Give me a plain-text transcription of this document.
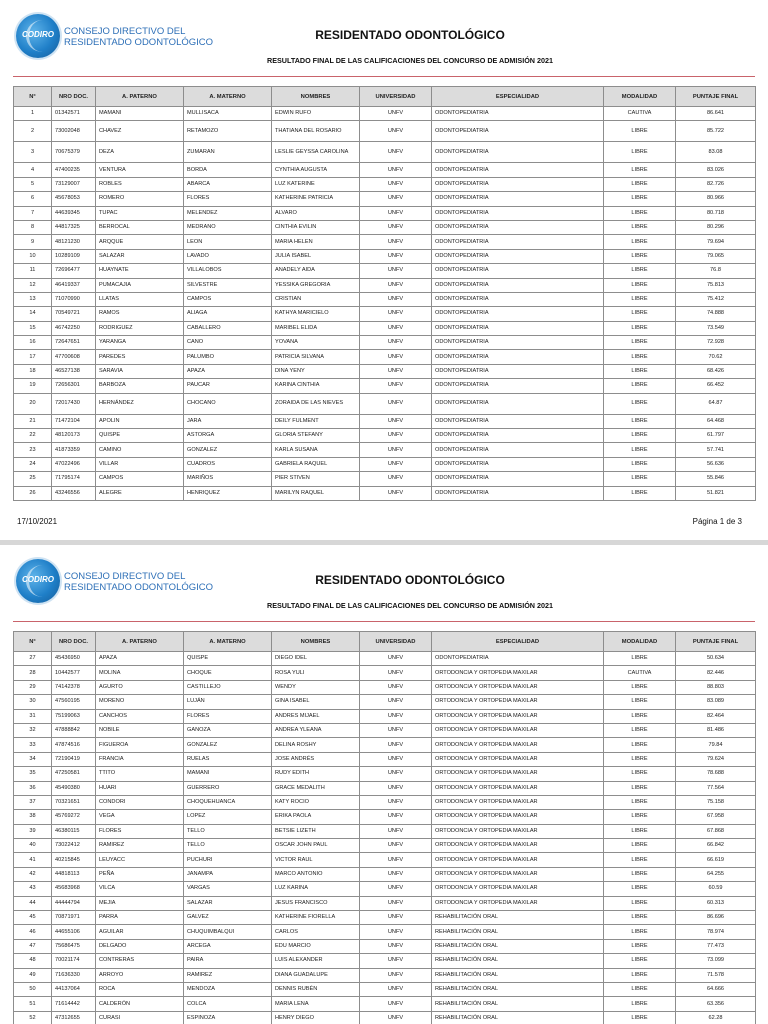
CODIRO CONSEJO DIRECTIVO DEL
RESIDENTADO ODONTOLÓGICO
RESIDENTADO ODONTOLÓGICO
RESULTADO FINAL DE LAS CALIFICACIONES DEL CONCURSO DE ADMISIÓN 2021
N°	NRO DOC.	A. PATERNO	A. MATERNO	NOMBRES	UNIVERSIDAD	ESPECIALIDAD	MODALIDAD	PUNTAJE FINAL
1	01342571	MAMANI	MULLISACA	EDWIN RUFO	UNFV	ODONTOPEDIATRIA	CAUTIVA	86.641
2	73002048	CHAVEZ	RETAMOZO	THATIANA DEL ROSARIO	UNFV	ODONTOPEDIATRIA	LIBRE	85.722
3	70675379	DEZA	ZUMARAN	LESLIE GEYSSA CAROLINA	UNFV	ODONTOPEDIATRIA	LIBRE	83.08
4	47400235	VENTURA	BORDA	CYNTHIA AUGUSTA	UNFV	ODONTOPEDIATRIA	LIBRE	83.026
5	73129007	ROBLES	ABARCA	LUZ KATERINE	UNFV	ODONTOPEDIATRIA	LIBRE	82.726
6	45678053	ROMERO	FLORES	KATHERINE PATRICIA	UNFV	ODONTOPEDIATRIA	LIBRE	80.966
7	44639345	TUPAC	MELENDEZ	ALVARO	UNFV	ODONTOPEDIATRIA	LIBRE	80.718
8	44817325	BERROCAL	MEDRANO	CINTHIA EVILIN	UNFV	ODONTOPEDIATRIA	LIBRE	80.296
9	48121230	ARQQUE	LEON	MARIA HELEN	UNFV	ODONTOPEDIATRIA	LIBRE	79.694
10	10289109	SALAZAR	LAVADO	JULIA ISABEL	UNFV	ODONTOPEDIATRIA	LIBRE	79.065
11	72696477	HUAYNATE	VILLALOBOS	ANADELY AIDA	UNFV	ODONTOPEDIATRIA	LIBRE	76.8
12	46419337	PUMACAJIA	SILVESTRE	YESSIKA GREGORIA	UNFV	ODONTOPEDIATRIA	LIBRE	75.813
13	71070990	LLATAS	CAMPOS	CRISTIAN	UNFV	ODONTOPEDIATRIA	LIBRE	75.412
14	70549721	RAMOS	ALIAGA	KATHYA MARICIELO	UNFV	ODONTOPEDIATRIA	LIBRE	74.888
15	46742250	RODRIGUEZ	CABALLERO	MARIBEL ELIDA	UNFV	ODONTOPEDIATRIA	LIBRE	73.549
16	72647651	YARANGA	CANO	YOVANA	UNFV	ODONTOPEDIATRIA	LIBRE	72.928
17	47700608	PAREDES	PALUMBO	PATRICIA SILVANA	UNFV	ODONTOPEDIATRIA	LIBRE	70.62
18	46527138	SARAVIA	APAZA	DINA YENY	UNFV	ODONTOPEDIATRIA	LIBRE	68.426
19	72656301	BARBOZA	PAUCAR	KARINA CINTHIA	UNFV	ODONTOPEDIATRIA	LIBRE	66.452
20	72017430	HERNÁNDEZ	CHOCANO	ZORAIDA DE LAS NIEVES	UNFV	ODONTOPEDIATRIA	LIBRE	64.87
21	71472104	APOLIN	JARA	DEILY FULMENT	UNFV	ODONTOPEDIATRIA	LIBRE	64.468
22	48120173	QUISPE	ASTORGA	GLORIA STEFANY	UNFV	ODONTOPEDIATRIA	LIBRE	61.797
23	41873359	CAMINO	GONZALEZ	KARLA SUSANA	UNFV	ODONTOPEDIATRIA	LIBRE	57.741
24	47022496	VILLAR	CUADROS	GABRIELA RAQUEL	UNFV	ODONTOPEDIATRIA	LIBRE	56.636
25	71795174	CAMPOS	MARIÑOS	PIER STIVEN	UNFV	ODONTOPEDIATRIA	LIBRE	55.846
26	43246556	ALEGRE	HENRIQUEZ	MARILYN RAQUEL	UNFV	ODONTOPEDIATRIA	LIBRE	51.821
17/10/2021	Página 1 de 3
CODIRO CONSEJO DIRECTIVO DEL
RESIDENTADO ODONTOLÓGICO
RESIDENTADO ODONTOLÓGICO
RESULTADO FINAL DE LAS CALIFICACIONES DEL CONCURSO DE ADMISIÓN 2021
N°	NRO DOC.	A. PATERNO	A. MATERNO	NOMBRES	UNIVERSIDAD	ESPECIALIDAD	MODALIDAD	PUNTAJE FINAL
27	45436950	APAZA	QUISPE	DIEGO IDEL	UNFV	ODONTOPEDIATRIA	LIBRE	50.634
28	10442577	MOLINA	CHOQUE	ROSA YULI	UNFV	ORTODONCIA Y ORTOPEDIA MAXILAR	CAUTIVA	82.446
29	74142378	AGURTO	CASTILLEJO	WENDY	UNFV	ORTODONCIA Y ORTOPEDIA MAXILAR	LIBRE	88.803
30	47560195	MORENO	LUJÁN	GINA ISABEL	UNFV	ORTODONCIA Y ORTOPEDIA MAXILAR	LIBRE	83.089
31	75199063	CANCHOS	FLORES	ANDRES MIJAEL	UNFV	ORTODONCIA Y ORTOPEDIA MAXILAR	LIBRE	82.464
32	47888842	NOBILE	GANOZA	ANDREA YLEANA	UNFV	ORTODONCIA Y ORTOPEDIA MAXILAR	LIBRE	81.486
33	47874516	FIGUEROA	GONZALEZ	DELINA ROSHY	UNFV	ORTODONCIA Y ORTOPEDIA MAXILAR	LIBRE	79.84
34	72190419	FRANCIA	RUELAS	JOSE ANDRÉS	UNFV	ORTODONCIA Y ORTOPEDIA MAXILAR	LIBRE	79.624
35	47250581	TTITO	MAMANI	RUDY EDITH	UNFV	ORTODONCIA Y ORTOPEDIA MAXILAR	LIBRE	78.688
36	45490380	HUARI	GUERRERO	GRACE MEDALITH	UNFV	ORTODONCIA Y ORTOPEDIA MAXILAR	LIBRE	77.564
37	70321651	CONDORI	CHOQUEHUANCA	KATY ROCIO	UNFV	ORTODONCIA Y ORTOPEDIA MAXILAR	LIBRE	75.158
38	45769272	VEGA	LOPEZ	ERIKA PAOLA	UNFV	ORTODONCIA Y ORTOPEDIA MAXILAR	LIBRE	67.958
39	46380115	FLORES	TELLO	BETSIE LIZETH	UNFV	ORTODONCIA Y ORTOPEDIA MAXILAR	LIBRE	67.868
40	73022412	RAMIREZ	TELLO	OSCAR JOHN PAUL	UNFV	ORTODONCIA Y ORTOPEDIA MAXILAR	LIBRE	66.842
41	40215845	LEUYACC	PUCHURI	VICTOR RAUL	UNFV	ORTODONCIA Y ORTOPEDIA MAXILAR	LIBRE	66.619
42	44818113	PEÑA	JANAMPA	MARCO ANTONIO	UNFV	ORTODONCIA Y ORTOPEDIA MAXILAR	LIBRE	64.255
43	45683968	VILCA	VARGAS	LUZ KARINA	UNFV	ORTODONCIA Y ORTOPEDIA MAXILAR	LIBRE	60.59
44	44444794	MEJIA	SALAZAR	JESUS FRANCISCO	UNFV	ORTODONCIA Y ORTOPEDIA MAXILAR	LIBRE	60.313
45	70871971	PARRA	GALVEZ	KATHERINE FIORELLA	UNFV	REHABILITACIÓN ORAL	LIBRE	86.696
46	44655106	AGUILAR	CHUQUIMBALQUI	CARLOS	UNFV	REHABILITACIÓN ORAL	LIBRE	78.974
47	75686475	DELGADO	ARCEGA	EDU MARCIO	UNFV	REHABILITACIÓN ORAL	LIBRE	77.473
48	70021174	CONTRERAS	PAIRA	LUIS ALEXANDER	UNFV	REHABILITACIÓN ORAL	LIBRE	73.099
49	71636330	ARROYO	RAMIREZ	DIANA GUADALUPE	UNFV	REHABILITACIÓN ORAL	LIBRE	71.578
50	44137064	ROCA	MENDOZA	DENNIS RUBÉN	UNFV	REHABILITACIÓN ORAL	LIBRE	64.666
51	71614442	CALDERÓN	COLCA	MARIA LENA	UNFV	REHABILITACIÓN ORAL	LIBRE	63.356
52	47312655	CURASI	ESPINOZA	HENRY DIEGO	UNFV	REHABILITACIÓN ORAL	LIBRE	62.28
